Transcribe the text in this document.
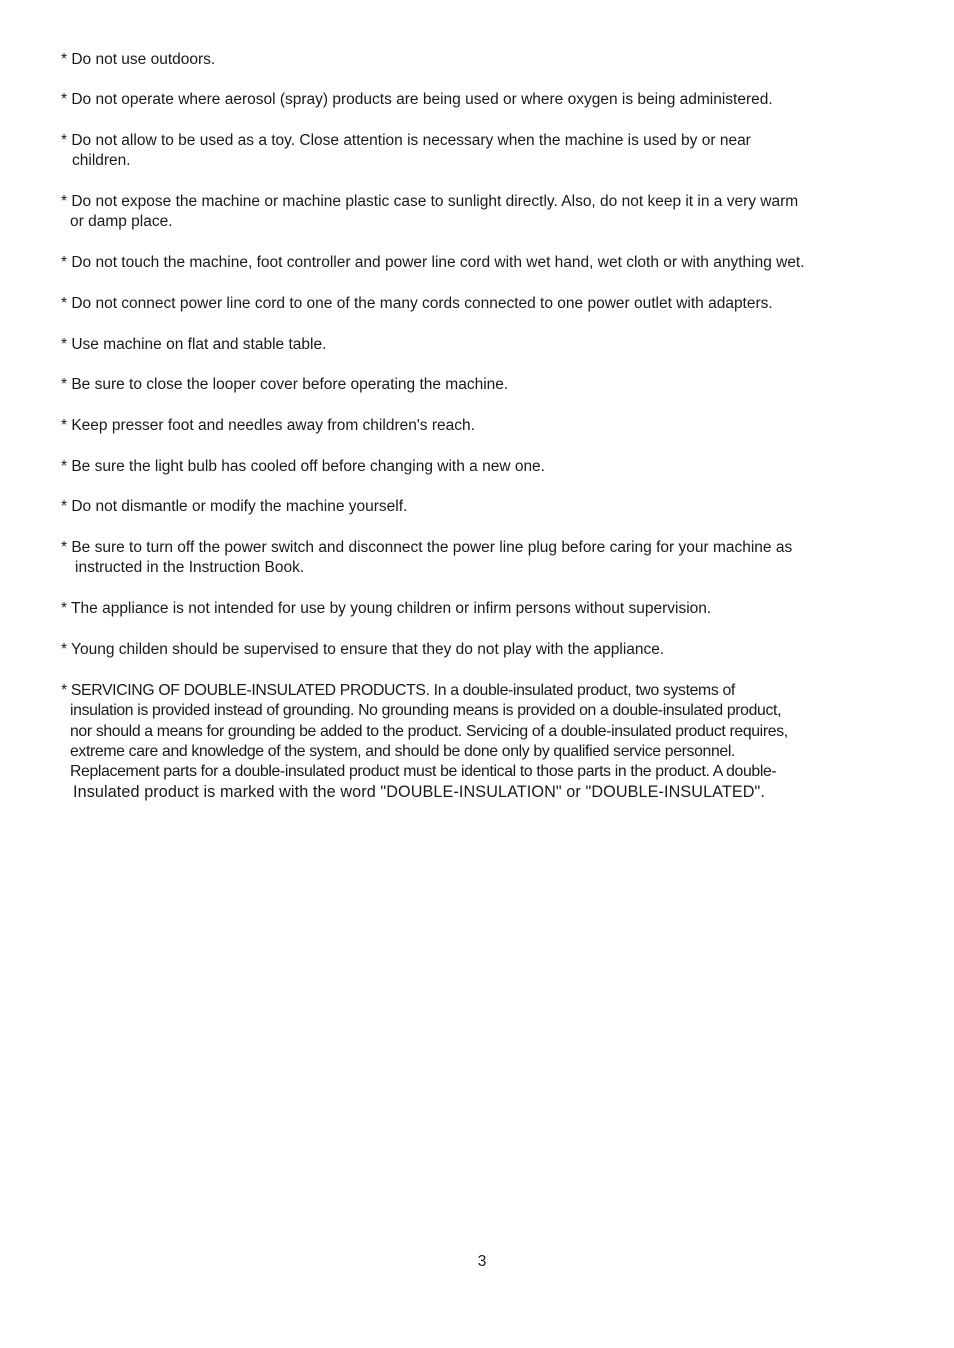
* Do not use outdoors.
* Do not operate where aerosol (spray) products are being used or where oxygen is being administered.
* Do not allow to be used as a toy. Close attention is necessary when the machine is used by or near
children.
* Do not expose the machine or machine plastic case to sunlight directly. Also, do not keep it in a very warm
or damp place.
* Do not touch the machine, foot controller and power line cord with wet hand, wet cloth or with anything wet.
* Do not connect power line cord to one of the many cords connected to one power outlet with adapters.
* Use machine on flat and stable table.
* Be sure to close the looper cover before operating the machine.
* Keep presser foot and needles away from children's reach.
* Be sure the light bulb has cooled off before changing with a new one.
* Do not dismantle or modify the machine yourself.
* Be sure to turn off the power switch and disconnect the power line plug before caring for your machine as
instructed in the Instruction Book.
* The appliance is not intended for use by young children or infirm persons without supervision.
* Young childen should be supervised to ensure that they do not play with the appliance.
* SERVICING OF DOUBLE-INSULATED PRODUCTS. In a double-insulated product, two systems of
insulation is provided instead of grounding. No grounding means is provided on a double-insulated product,
nor should a means for grounding be added to the product. Servicing of a double-insulated product requires,
extreme care and knowledge of the system, and should be done only by qualified service personnel.
Replacement parts for a double-insulated product must be identical to those parts in the product. A double-
Insulated product is marked with the word "DOUBLE-INSULATION" or "DOUBLE-INSULATED".
3
